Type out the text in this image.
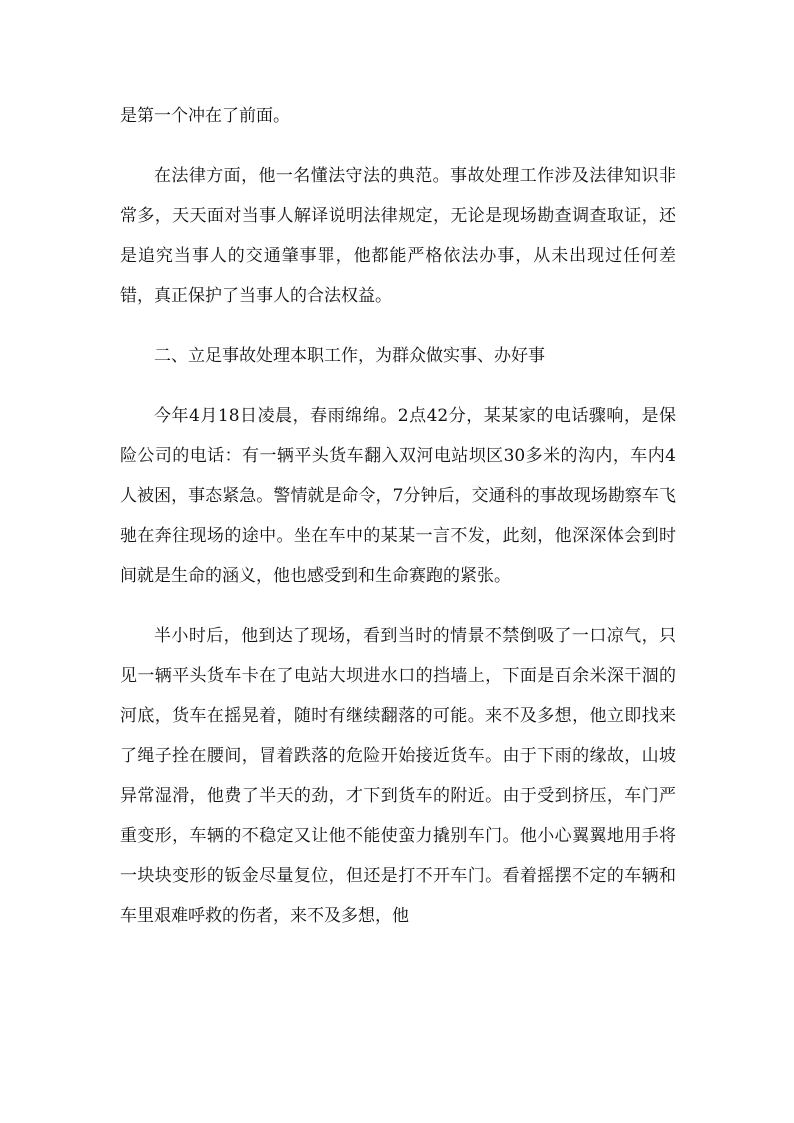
是第一个冲在了前面。

在法律方面，他一名懂法守法的典范。事故处理工作涉及法律知识非常多，天天面对当事人解译说明法律规定，无论是现场勘查调查取证，还是追究当事人的交通肇事罪，他都能严格依法办事，从未出现过任何差错，真正保护了当事人的合法权益。

二、立足事故处理本职工作，为群众做实事、办好事

今年4月18日凌晨，春雨绵绵。2点42分，某某家的电话骤响，是保险公司的电话：有一辆平头货车翻入双河电站坝区30多米的沟内，车内4人被困，事态紧急。警情就是命令，7分钟后，交通科的事故现场勘察车飞驰在奔往现场的途中。坐在车中的某某一言不发，此刻，他深深体会到时间就是生命的涵义，他也感受到和生命赛跑的紧张。

半小时后，他到达了现场，看到当时的情景不禁倒吸了一口凉气，只见一辆平头货车卡在了电站大坝进水口的挡墙上，下面是百余米深干涸的河底，货车在摇晃着，随时有继续翻落的可能。来不及多想，他立即找来了绳子拴在腰间，冒着跌落的危险开始接近货车。由于下雨的缘故，山坡异常湿滑，他费了半天的劲，才下到货车的附近。由于受到挤压，车门严重变形，车辆的不稳定又让他不能使蛮力撬别车门。他小心翼翼地用手将一块块变形的钣金尽量复位，但还是打不开车门。看着摇摆不定的车辆和车里艰难呼救的伤者，来不及多想，他
